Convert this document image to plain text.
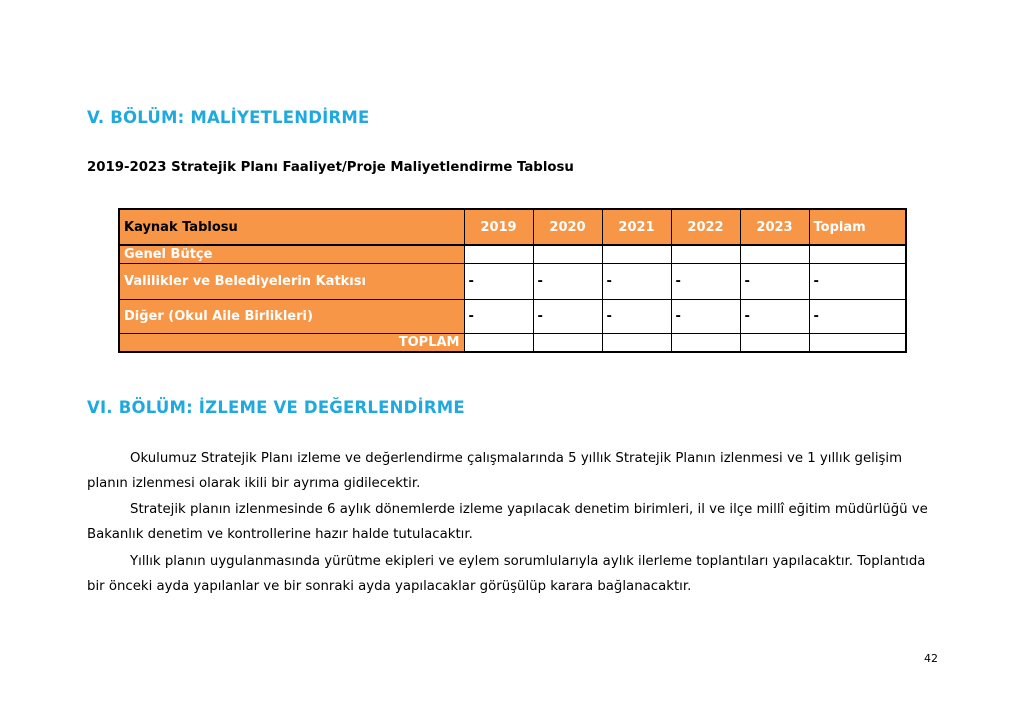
V. BÖLÜM: MALİYETLENDİRME
2019-2023 Stratejik Planı Faaliyet/Proje Maliyetlendirme Tablosu
Kaynak Tablosu	2019	2020	2021	2022	2023	Toplam
Genel Bütçe						
Valilikler ve Belediyelerin Katkısı	-	-	-	-	-	-
Diğer (Okul Aile Birlikleri)	-	-	-	-	-	-
TOPLAM						
VI. BÖLÜM: İZLEME VE DEĞERLENDİRME

Okulumuz Stratejik Planı izleme ve değerlendirme çalışmalarında 5 yıllık Stratejik Planın izlenmesi ve 1 yıllık gelişim planın izlenmesi olarak ikili bir ayrıma gidilecektir.

Stratejik planın izlenmesinde 6 aylık dönemlerde izleme yapılacak denetim birimleri, il ve ilçe millî eğitim müdürlüğü ve Bakanlık denetim ve kontrollerine hazır halde tutulacaktır.

Yıllık planın uygulanmasında yürütme ekipleri ve eylem sorumlularıyla aylık ilerleme toplantıları yapılacaktır. Toplantıda bir önceki ayda yapılanlar ve bir sonraki ayda yapılacaklar görüşülüp karara bağlanacaktır.

42
